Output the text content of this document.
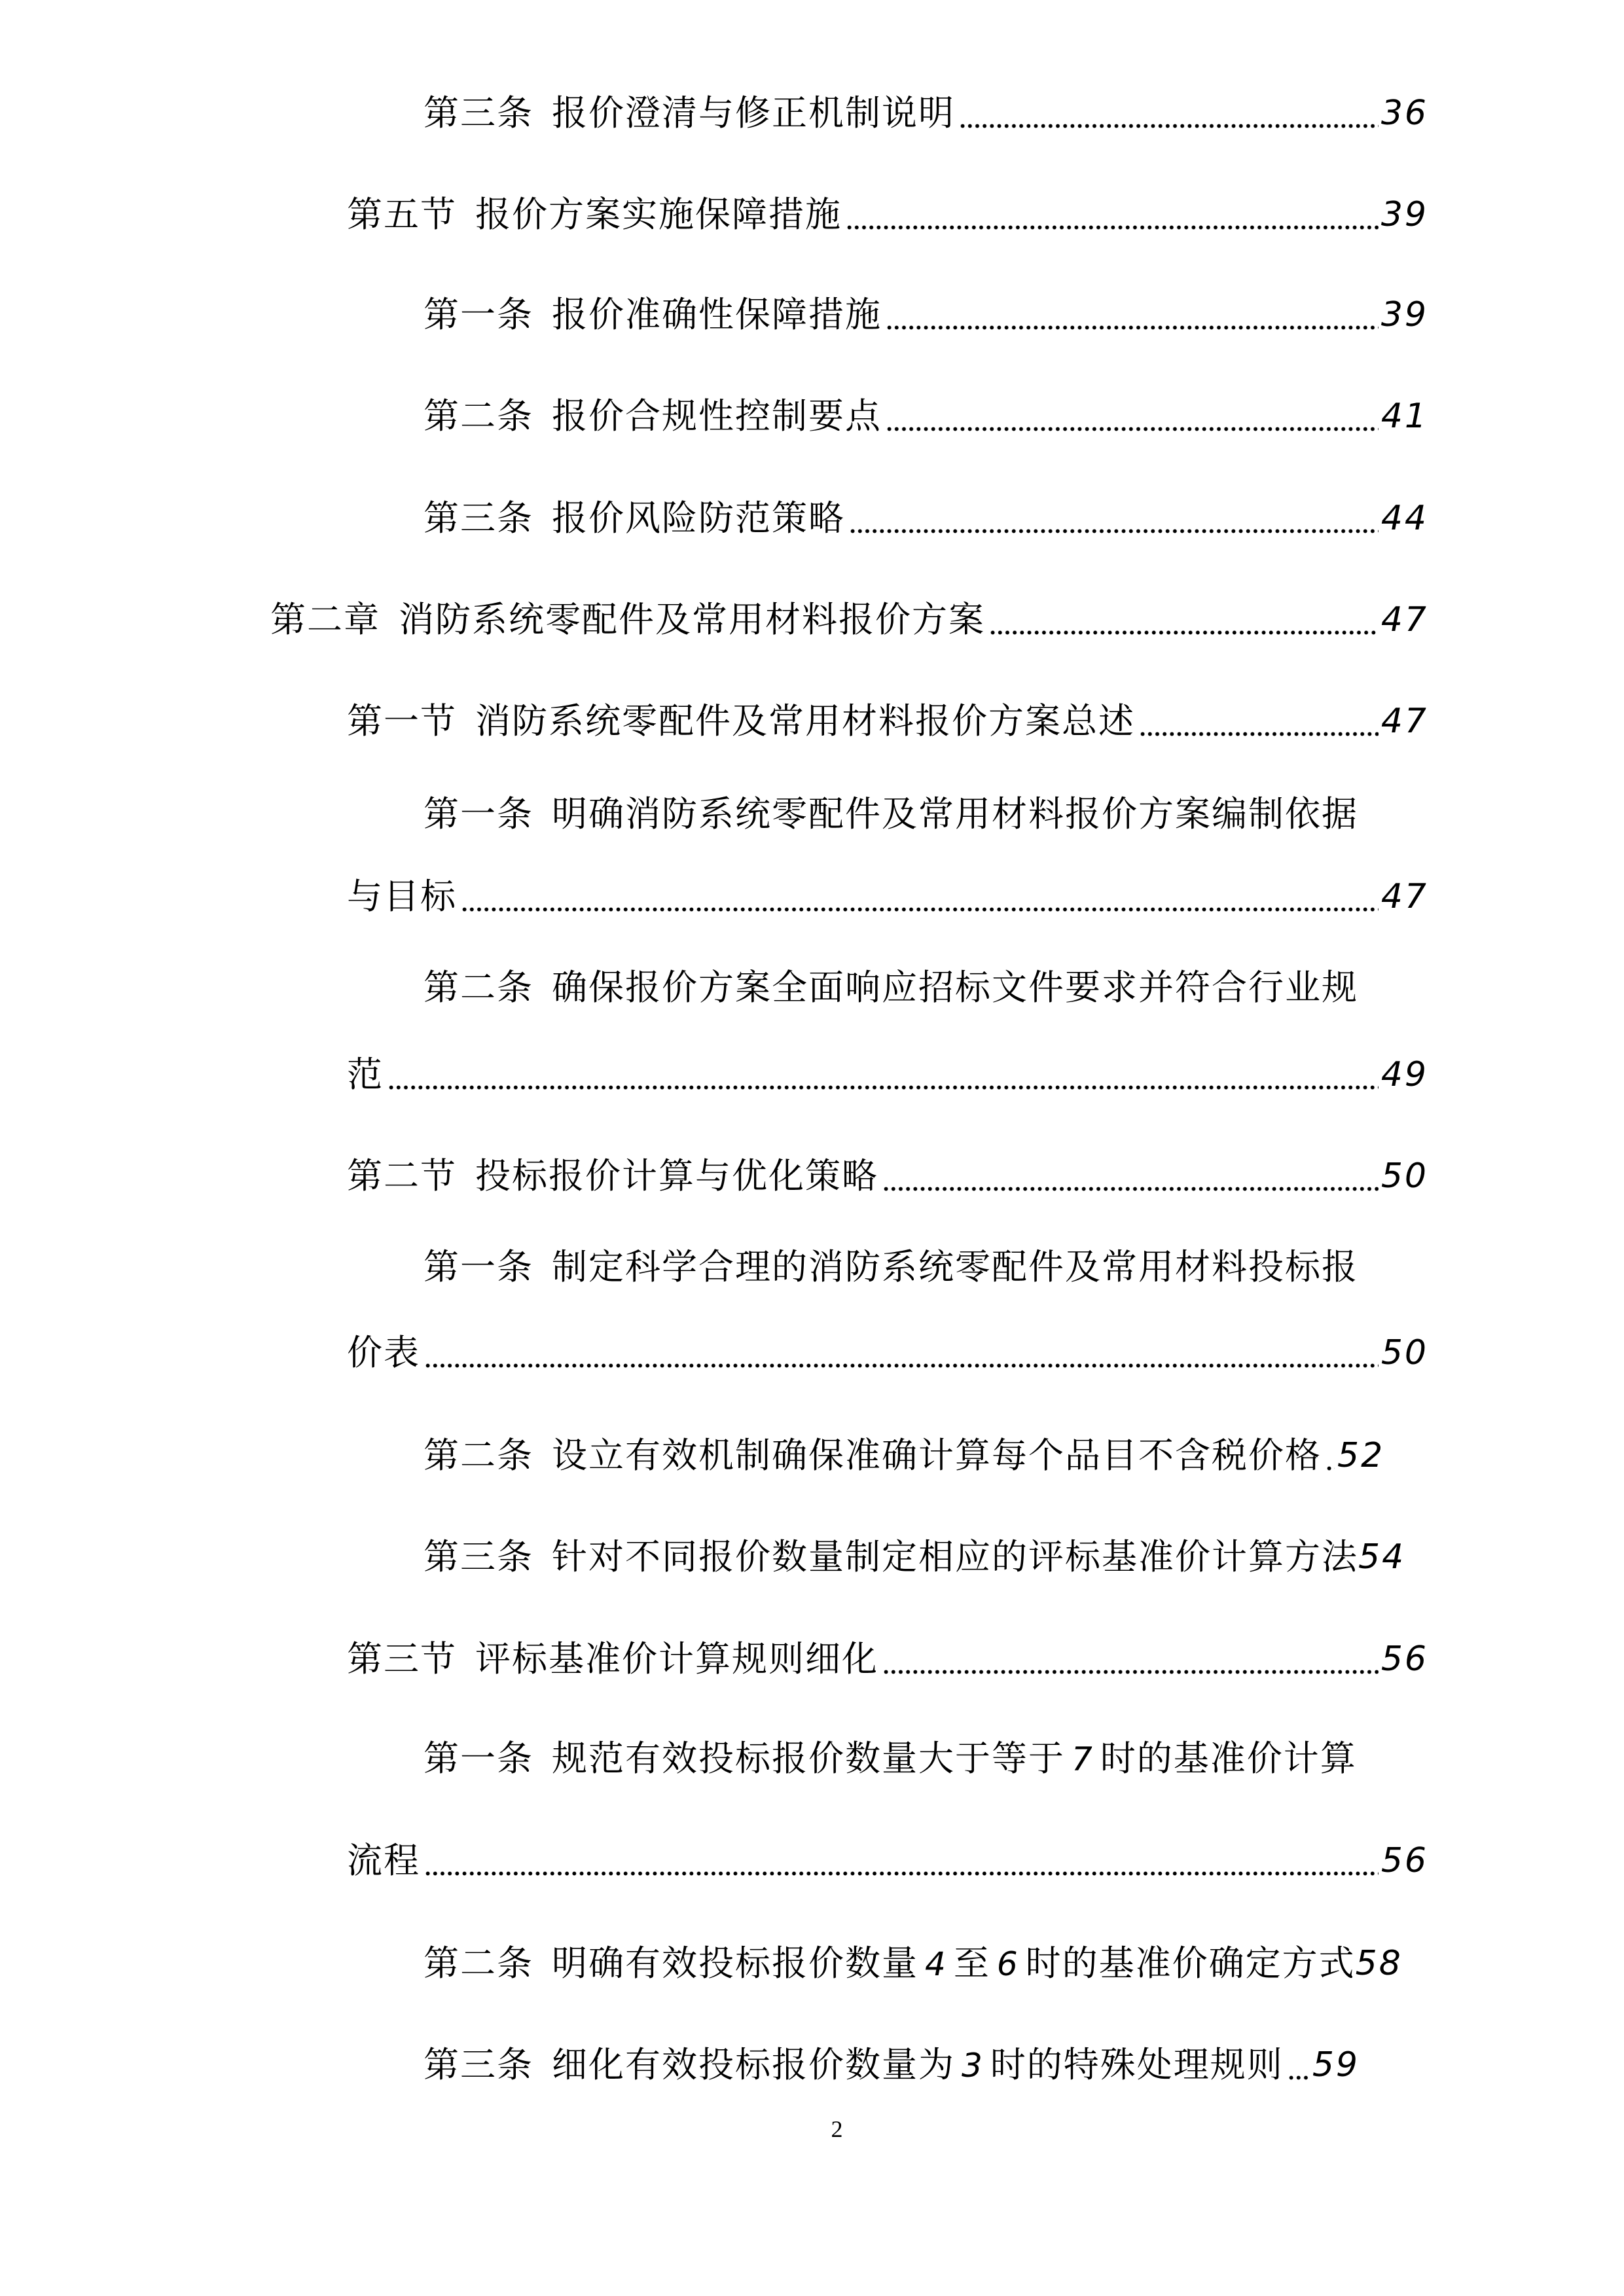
第三条 报价澄清与修正机制说明	36
第五节 报价方案实施保障措施	39
第一条 报价准确性保障措施	39
第二条 报价合规性控制要点	41
第三条 报价风险防范策略	44
第二章 消防系统零配件及常用材料报价方案	47
第一节 消防系统零配件及常用材料报价方案总述	47
第一条 明确消防系统零配件及常用材料报价方案编制依据
与目标	47
第二条 确保报价方案全面响应招标文件要求并符合行业规
范	49
第二节 投标报价计算与优化策略	50
第一条 制定科学合理的消防系统零配件及常用材料投标报
价表	50
第二条 设立有效机制确保准确计算每个品目不含税价格 52
第三条 针对不同报价数量制定相应的评标基准价计算方法 54
第三节 评标基准价计算规则细化	56
第一条 规范有效投标报价数量大于等于 7 时的基准价计算
流程	56
第二条 明确有效投标报价数量 4 至 6 时的基准价确定方式 58
第三条 细化有效投标报价数量为 3 时的特殊处理规则 59
2
